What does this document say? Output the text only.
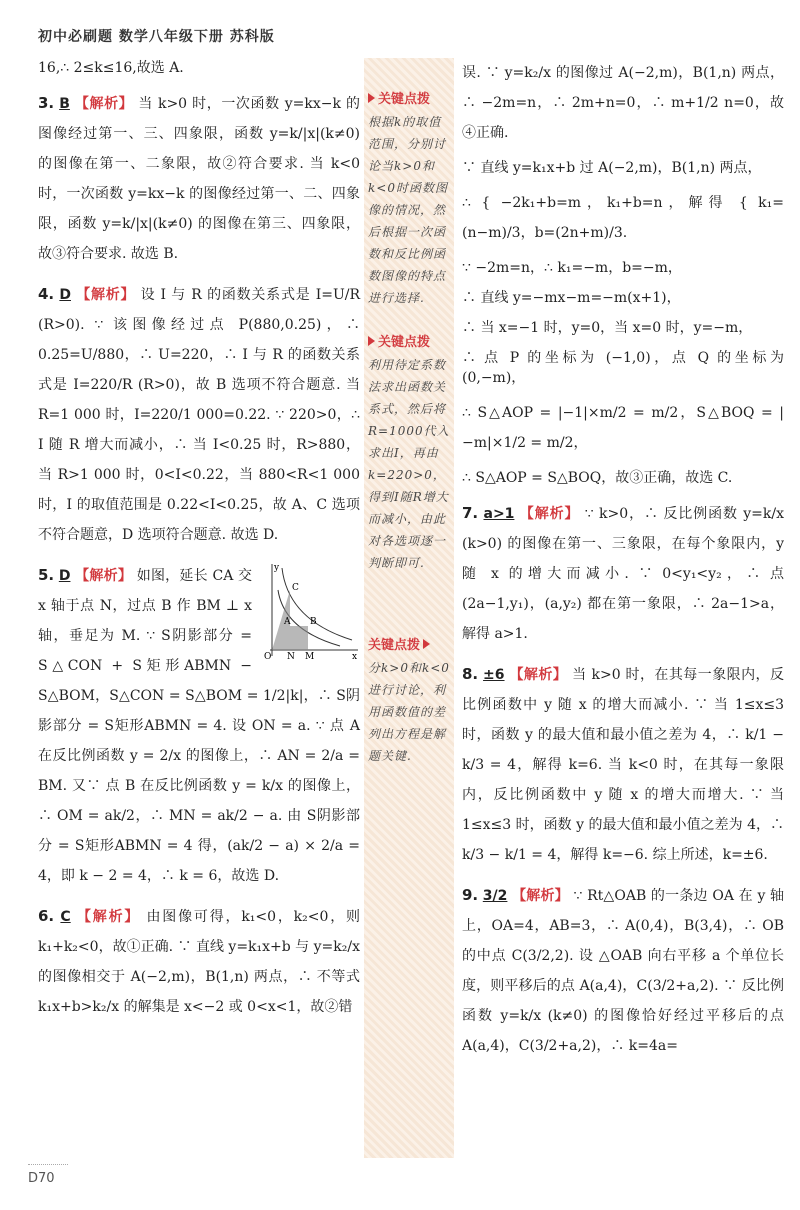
初中必刷题 数学八年级下册 苏科版

16,∴ 2≤k≤16,故选 A.

3. B 【解析】 当 k>0 时，一次函数 y=kx−k 的图像经过第一、三、四象限，函数 y=k/|x|(k≠0) 的图像在第一、二象限，故②符合要求. 当 k<0 时，一次函数 y=kx−k 的图像经过第一、二、四象限，函数 y=k/|x|(k≠0) 的图像在第三、四象限，故③符合要求. 故选 B.

4. D 【解析】 设 I 与 R 的函数关系式是 I=U/R (R>0). ∵ 该图像经过点 P(880,0.25)，∴ 0.25=U/880，∴ U=220，∴ I 与 R 的函数关系式是 I=220/R (R>0)，故 B 选项不符合题意. 当 R=1 000 时，I=220/1 000=0.22. ∵ 220>0，∴ I 随 R 增大而减小，∴ 当 I<0.25 时，R>880，当 R>1 000 时，0<I<0.22，当 880<R<1 000 时，I 的取值范围是 0.22<I<0.25，故 A、C 选项不符合题意，D 选项符合题意. 故选 D.

y
C
A B
O N M	x
5. D 【解析】 如图，延长 CA 交 x 轴于点 N，过点 B 作 BM ⊥ x 轴，垂足为 M. ∵ S阴影部分 = S△CON + S矩形ABMN − S△BOM，S△CON = S△BOM = 1/2|k|，∴ S阴影部分 = S矩形ABMN = 4. 设 ON = a. ∵ 点 A 在反比例函数 y = 2/x 的图像上，∴ AN = 2/a = BM. 又∵ 点 B 在反比例函数 y = k/x 的图像上，∴ OM = ak/2，∴ MN = ak/2 − a. 由 S阴影部分 = S矩形ABMN = 4 得，(ak/2 − a) × 2/a = 4，即 k − 2 = 4，∴ k = 6，故选 D.

6. C 【解析】 由图像可得，k₁<0，k₂<0，则 k₁+k₂<0，故①正确. ∵ 直线 y=k₁x+b 与 y=k₂/x 的图像相交于 A(−2,m)，B(1,n) 两点，∴ 不等式 k₁x+b>k₂/x 的解集是 x<−2 或 0<x<1，故②错

关键点拨
根据k的取值范围，分别讨论当k>0和k<0时函数图像的情况，然后根据一次函数和反比例函数图像的特点进行选择.
关键点拨
利用待定系数法求出函数关系式，然后将R=1000代入求出I，再由k=220>0，得到I随R增大而减小，由此对各选项逐一判断即可.
关键点拨
分k>0和k<0进行讨论，利用函数值的差列出方程是解题关键.

误. ∵ y=k₂/x 的图像过 A(−2,m)，B(1,n) 两点，∴ −2m=n，∴ 2m+n=0，∴ m+1/2 n=0，故④正确.

∵ 直线 y=k₁x+b 过 A(−2,m)，B(1,n) 两点，

∴ { −2k₁+b=m，k₁+b=n，解得 { k₁=(n−m)/3，b=(2n+m)/3.

∵ −2m=n，∴ k₁=−m，b=−m，

∴ 直线 y=−mx−m=−m(x+1)，

∴ 当 x=−1 时，y=0，当 x=0 时，y=−m，

∴ 点 P 的坐标为 (−1,0)，点 Q 的坐标为 (0,−m)，

∴ S△AOP = |−1|×m/2 = m/2，S△BOQ = |−m|×1/2 = m/2，

∴ S△AOP = S△BOQ，故③正确，故选 C.

7. a>1 【解析】 ∵ k>0，∴ 反比例函数 y=k/x (k>0) 的图像在第一、三象限，在每个象限内，y 随 x 的增大而减小. ∵ 0<y₁<y₂，∴ 点 (2a−1,y₁)，(a,y₂) 都在第一象限，∴ 2a−1>a，解得 a>1.

8. ±6 【解析】 当 k>0 时，在其每一象限内，反比例函数中 y 随 x 的增大而减小. ∵ 当 1≤x≤3 时，函数 y 的最大值和最小值之差为 4，∴ k/1 − k/3 = 4，解得 k=6. 当 k<0 时，在其每一象限内，反比例函数中 y 随 x 的增大而增大. ∵ 当 1≤x≤3 时，函数 y 的最大值和最小值之差为 4，∴ k/3 − k/1 = 4，解得 k=−6. 综上所述，k=±6.

9. 3/2 【解析】 ∵ Rt△OAB 的一条边 OA 在 y 轴上，OA=4，AB=3，∴ A(0,4)，B(3,4)，∴ OB 的中点 C(3/2,2). 设 △OAB 向右平移 a 个单位长度，则平移后的点 A(a,4)，C(3/2+a,2). ∵ 反比例函数 y=k/x (k≠0) 的图像恰好经过平移后的点 A(a,4)，C(3/2+a,2)，∴ k=4a=

D70
